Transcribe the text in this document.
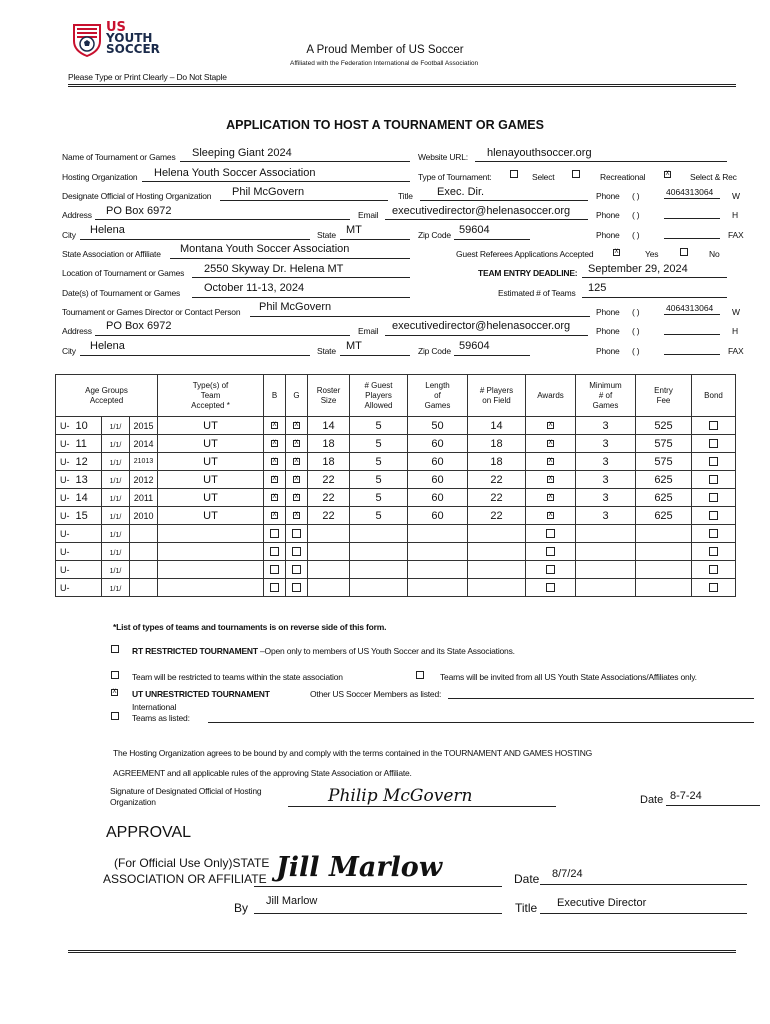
US
YOUTH
SOCCER	A Proud Member of US Soccer
Affiliated with the Federation International de Football Association
Please Type or Print Clearly – Do Not Staple
APPLICATION TO HOST A TOURNAMENT OR GAMES
Name of Tournament or Games Sleeping Giant 2024	Website URL: hlenayouthsoccer.org
Hosting Organization Helena Youth Soccer Association	Type of Tournament:	Select	Recreational	X Select & Rec
Designate Official of Hosting Organization Phil McGovern	Title Exec. Dir.	Phone ( )	4064313064 W
Address PO Box 6972	Email executivedirector@helenasoccer.org	Phone ( )	H
City Helena	State MT	Zip Code 59604	Phone ( )	FAX
State Association or Affiliate Montana Youth Soccer Association	Guest Referees Applications Accepted	X	Yes	No
Location of Tournament or Games 2550 Skyway Dr. Helena MT	TEAM ENTRY DEADLINE: September 29, 2024
Date(s) of Tournament or Games October 11-13, 2024	Estimated # of Teams 125
Tournament or Games Director or Contact Person Phil McGovern	Phone ( )	4064313064 W
Address PO Box 6972	Email executivedirector@helenasoccer.org	Phone ( )	H
City Helena	State MT	Zip Code 59604	Phone ( )	FAX
Age Groups Accepted			Type(s) of Team Accepted *	B	G	Roster Size	# Guest Players Allowed	Length of Games	# Players on Field	Awards	Minimum # of Games	Entry Fee	Bond
U- 10	1/1/	2015	UT	X	X	14	5	50	14	X	3	525	
U- 11	1/1/	2014	UT	X	X	18	5	60	18	X	3	575	
U- 12	1/1/	21013	UT	X	X	18	5	60	18	X	3	575	
U- 13	1/1/	2012	UT	X	X	22	5	60	22	X	3	625	
U- 14	1/1/	2011	UT	X	X	22	5	60	22	X	3	625	
U- 15	1/1/	2010	UT	X	X	22	5	60	22	X	3	625	
U-	1/1/												
U-	1/1/												
U-	1/1/												
U-	1/1/												
*List of types of teams and tournaments is on reverse side of this form.
RT RESTRICTED TOURNAMENT –Open only to members of US Youth Soccer and its State Associations.
Team will be restricted to teams within the state association	Teams will be invited from all US Youth State Associations/Affiliates only.
X UT UNRESTRICTED TOURNAMENT	Other US Soccer Members as listed:
International
Teams as listed:
The Hosting Organization agrees to be bound by and comply with the terms contained in the TOURNAMENT AND GAMES HOSTING
AGREEMENT and all applicable rules of the approving State Association or Affiliate.
Signature of Designated Official of Hosting
Organization	Philip McGovern	Date 8-7-24
APPROVAL
(For Official Use Only)STATE
ASSOCIATION OR AFFILIATE Jill Marlow	Date 8/7/24
By Jill Marlow	Title Executive Director
